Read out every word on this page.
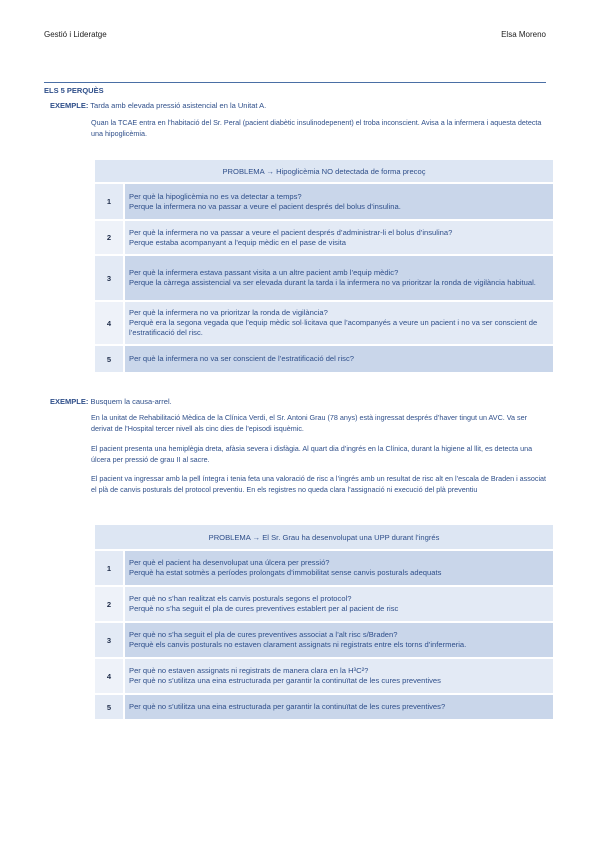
Gestió i Lideratge	Elsa Moreno
ELS 5 PERQUÈS
EXEMPLE: Tarda amb elevada pressió asistencial en la Unitat A.
Quan la TCAE entra en l’habitació del Sr. Peral (pacient diabètic insulinodepenent) el troba inconscient. Avisa a la infermera i aquesta detecta una hipoglicèmia.
PROBLEMA → Hipoglicèmia NO detectada de forma precoç	
1	Per què la hipoglicèmia no es va detectar a temps?
Perque la infermera no va passar a veure el pacient després del bolus d’insulina.

2	Per què la infermera no va passar a veure el pacient després d’administrar-li el bolus d’insulina?
Perque estaba acompanyant a l’equip mèdic en el pase de visita

3	Per què la infermera estava passant visita a un altre pacient amb l’equip mèdic?
Perque la càrrega assistencial va ser elevada durant la tarda i la infermera no va prioritzar la ronda de vigilància habitual.

4	Per què la infermera no va prioritzar la ronda de vigilància?
Perquè era la segona vegada que l’equip mèdic sol·licitava que l’acompanyés a veure un pacient i no va ser conscient de l’estratificació del risc.

5	Per què la infermera no va ser conscient de l’estratificació del risc?
EXEMPLE: Busquem la causa-arrel.
En la unitat de Rehabilitació Mèdica de la Clínica Verdi, el Sr. Antoni Grau (78 anys) està ingressat després d’haver tingut un AVC. Va ser derivat de l’Hospital tercer nivell als cinc dies de l’episodi isquèmic.
El pacient presenta una hemiplègia dreta, afàsia severa i disfàgia. Al quart dia d’ingrés en la Clínica, durant la higiene al llit, es detecta una úlcera per pressió de grau II al sacre.
El pacient va ingressar amb la pell íntegra i tenia feta una valoració de risc a l’ingrés amb un resultat de risc alt en l’escala de Braden i associat el plà de canvis posturals del protocol preventiu. En els registres no queda clara l’assignació ni execució del plà preventiu
PROBLEMA → El Sr. Grau ha desenvolupat una UPP durant l’ingrés	
1	Per què el pacient ha desenvolupat una úlcera per pressió?
Perquè ha estat sotmès a períodes prolongats d’immobilitat sense canvis posturals adequats

2	Per què no s’han realitzat els canvis posturals segons el protocol?
Perquè no s’ha seguit el pla de cures preventives establert per al pacient de risc

3	Per què no s’ha seguit el pla de cures preventives associat a l’alt risc s/Braden?
Perquè els canvis posturals no estaven clarament assignats ni registrats entre els torns d’infermeria.

4	Per què no estaven assignats ni registrats de manera clara en la H³C²?
Per què no s’utilitza una eina estructurada per garantir la continuïtat de les cures preventives

5	Per què no s’utilitza una eina estructurada per garantir la continuïtat de les cures preventives?
